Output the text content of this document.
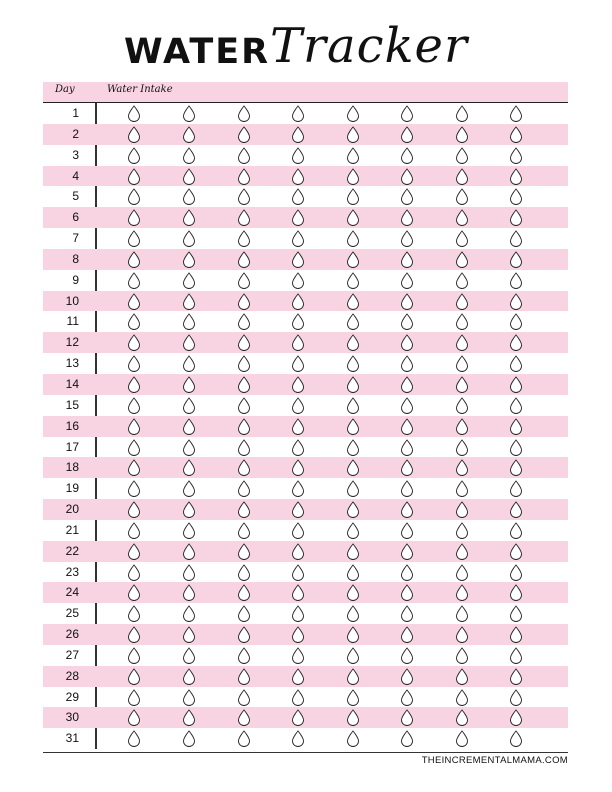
WATER Tracker
Day	Water Intake
1
2
3
4
5
6
7
8
9
10
11
12
13
14
15
16
17
18
19
20
21
22
23
24
25
26
27
28
29
30
31
THEINCREMENTALMAMA.COM
